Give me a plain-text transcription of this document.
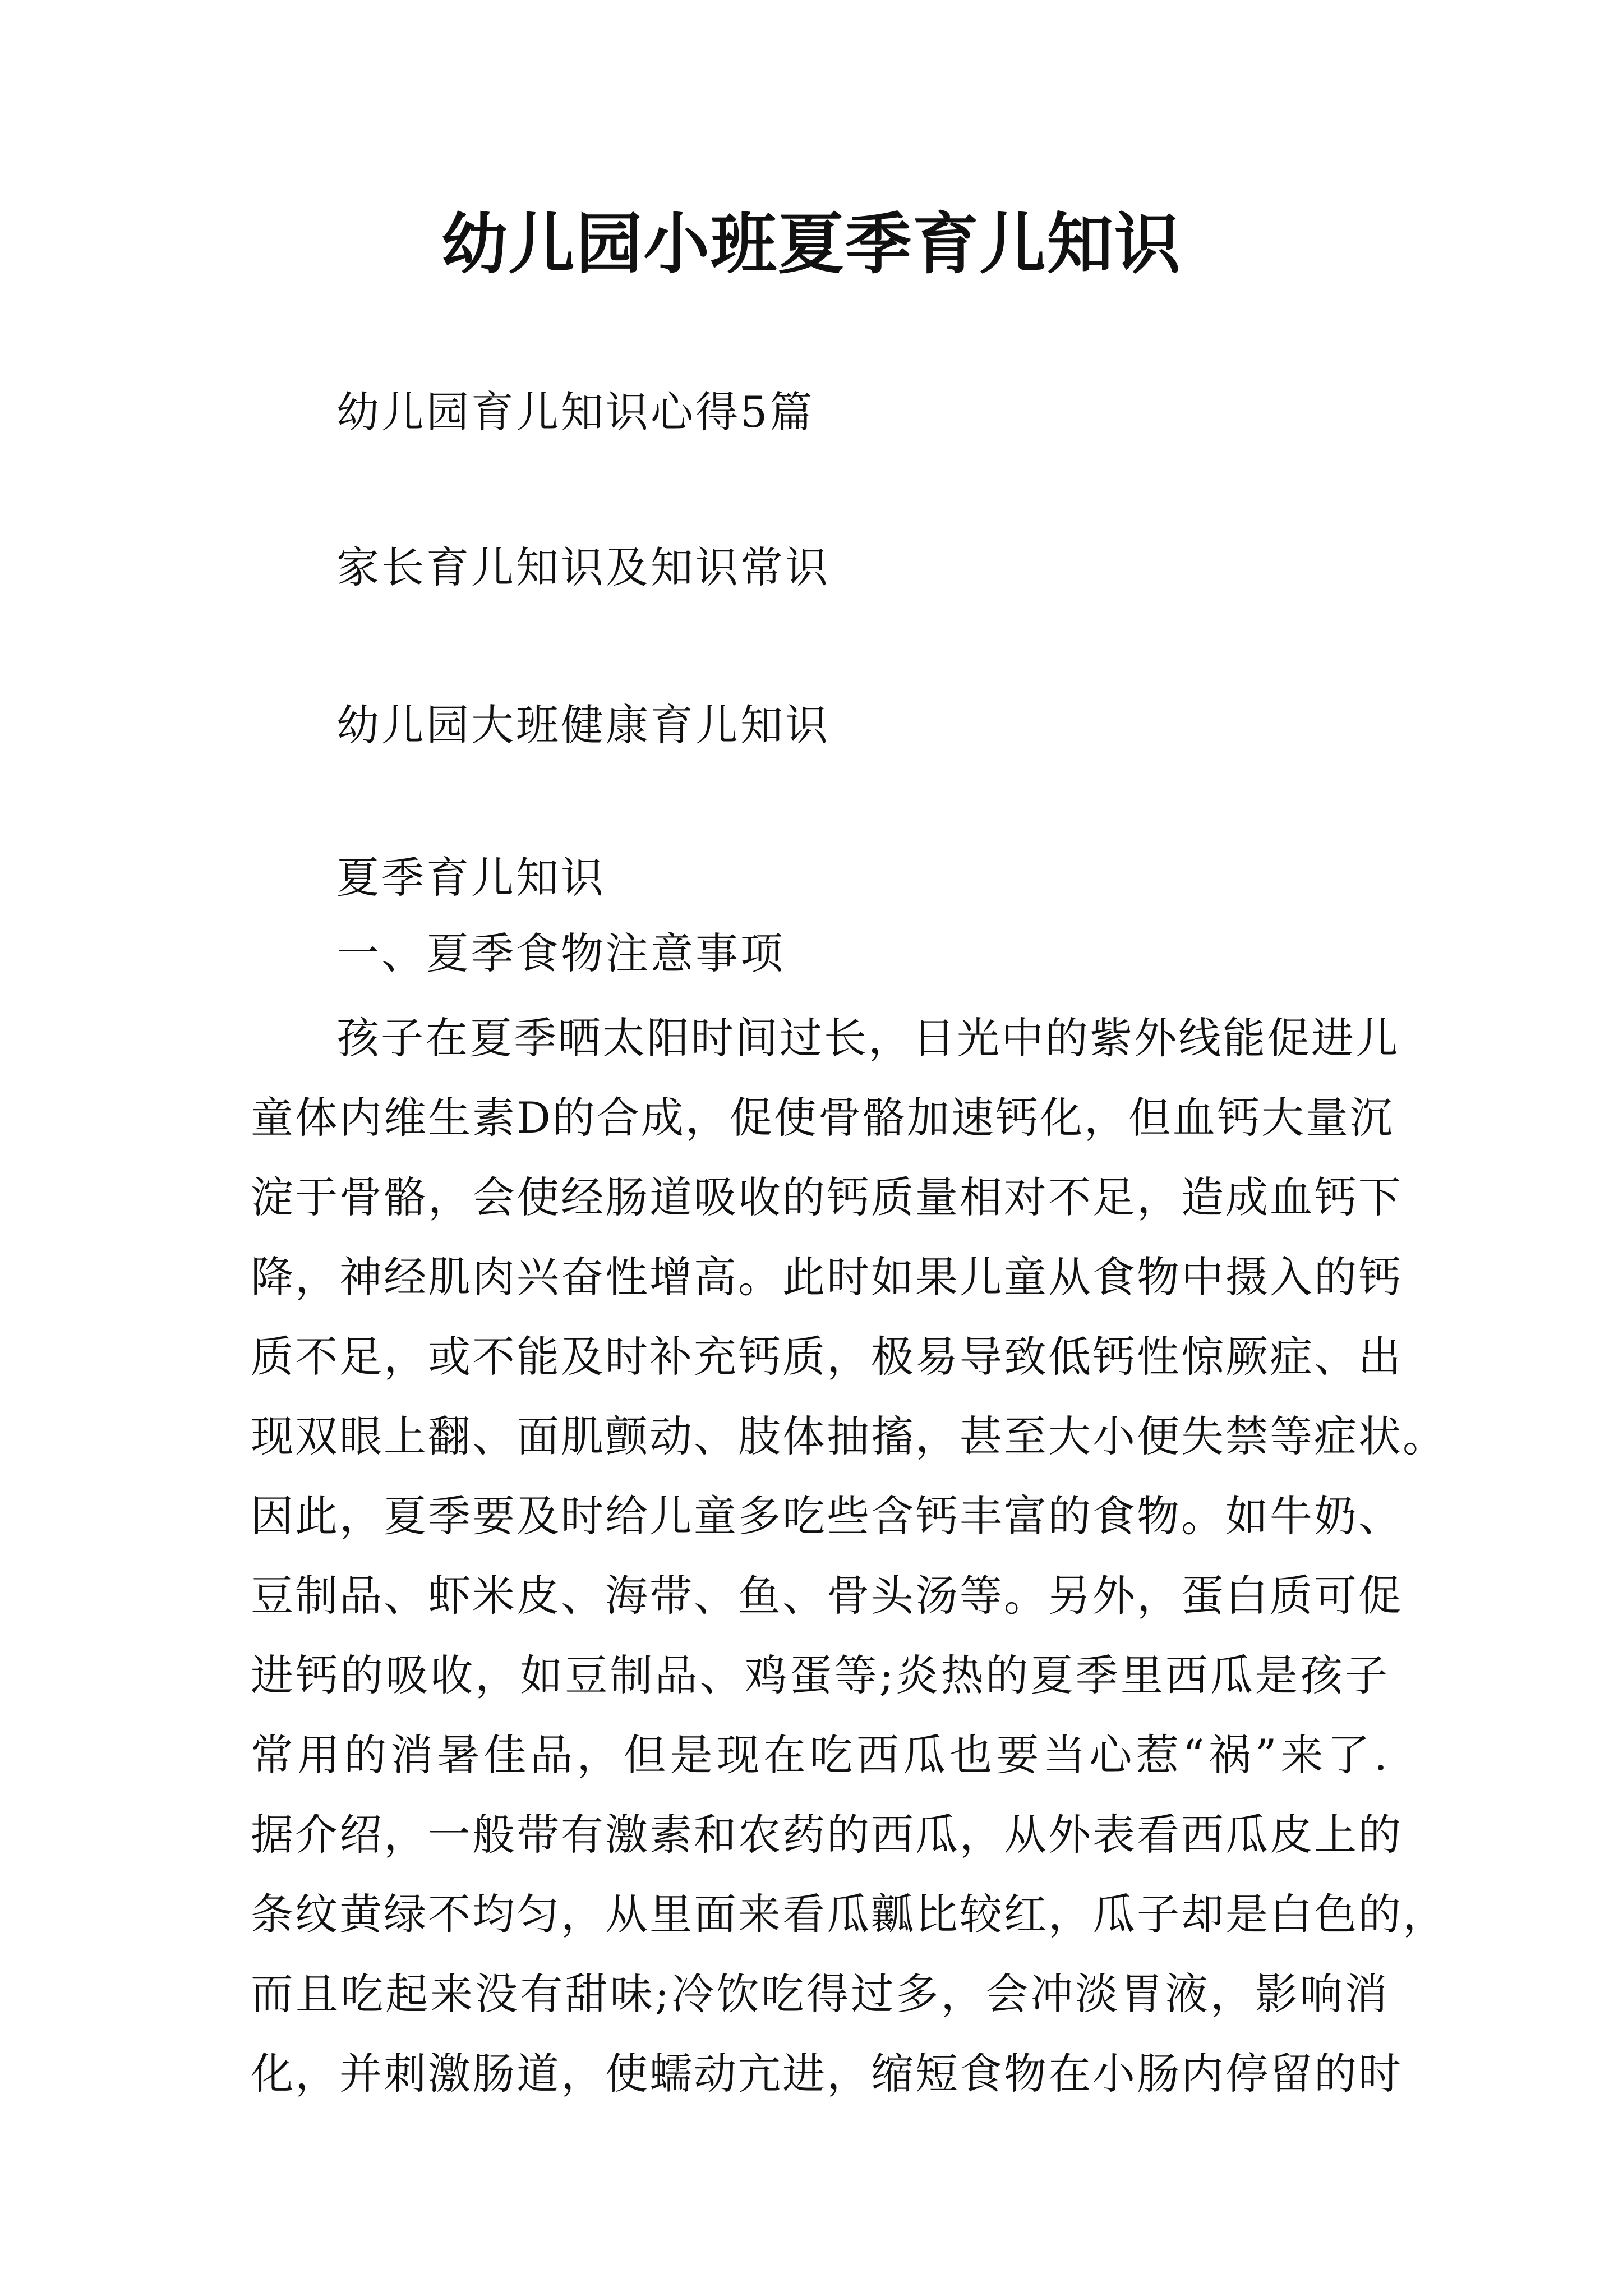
幼儿园小班夏季育儿知识
幼儿园育儿知识心得5篇
家长育儿知识及知识常识
幼儿园大班健康育儿知识
夏季育儿知识
一、夏季食物注意事项
孩子在夏季晒太阳时间过长，日光中的紫外线能促进儿
童体内维生素D的合成，促使骨骼加速钙化，但血钙大量沉
淀于骨骼，会使经肠道吸收的钙质量相对不足，造成血钙下
降，神经肌肉兴奋性增高。此时如果儿童从食物中摄入的钙
质不足，或不能及时补充钙质，极易导致低钙性惊厥症、出
现双眼上翻、面肌颤动、肢体抽搐，甚至大小便失禁等症状。
因此，夏季要及时给儿童多吃些含钙丰富的食物。如牛奶、
豆制品、虾米皮、海带、鱼、骨头汤等。另外，蛋白质可促
进钙的吸收，如豆制品、鸡蛋等;炎热的夏季里西瓜是孩子
常用的消暑佳品，但是现在吃西瓜也要当心惹“祸”来了.
据介绍，一般带有激素和农药的西瓜，从外表看西瓜皮上的
条纹黄绿不均匀，从里面来看瓜瓤比较红，瓜子却是白色的，
而且吃起来没有甜味;冷饮吃得过多，会冲淡胃液，影响消
化，并刺激肠道，使蠕动亢进，缩短食物在小肠内停留的时
